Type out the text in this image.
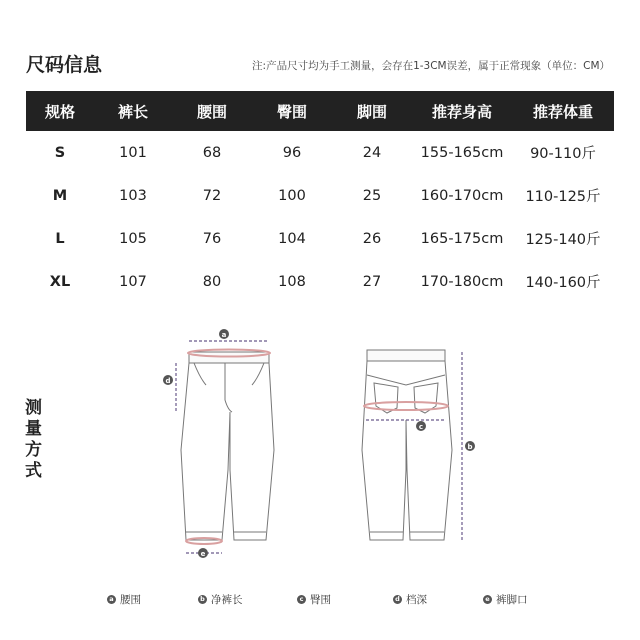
尺码信息	注:产品尺寸均为手工测量，会存在1-3CM误差，属于正常现象（单位：CM）
规格	裤长	腰围	臀围	脚围	推荐身高	推荐体重
S	101	68	96	24	155-165cm	90-110斤
M	103	72	100	25	160-170cm	110-125斤
L	105	76	104	26	165-175cm	125-140斤
XL	107	80	108	27	170-180cm	140-160斤
测
量
方
式
a
d
e
c
b
a 腰围	b 净裤长	c 臀围	d 档深	e 裤脚口
